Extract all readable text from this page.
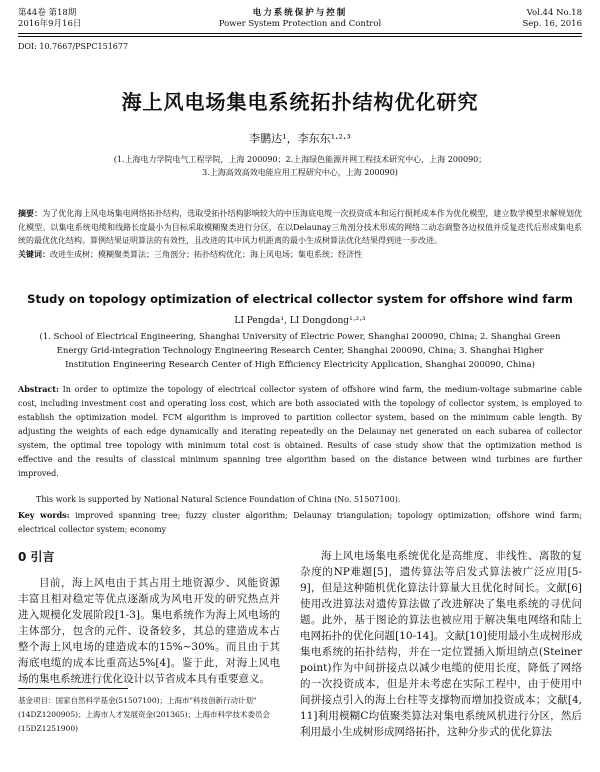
第44卷 第18期
2016年9月16日
电力系统保护与控制
Power System Protection and Control
Vol.44 No.18
Sep. 16, 2016
DOI: 10.7667/PSPC151677
海上风电场集电系统拓扑结构优化研究
李鹏达¹，李东东¹·²·³
(1.上海电力学院电气工程学院，上海 200090；2.上海绿色能源并网工程技术研究中心，上海 200090；
3.上海高效高效电能应用工程研究中心，上海 200090)
摘要：为了优化海上风电场集电网络拓扑结构，选取受拓扑结构影响较大的中压海底电缆一次投资成本和运行损耗成本作为优化模型，建立数学模型求解规划优化模型。以集电系统电缆和线路长度最小为目标采取模糊聚类进行分区，在以Delaunay三角剖分技术形成的网络二动态调整各边权值并反复迭代后形成集电系统的最优优化结构。算例结果证明算法的有效性，且改进的其中风力机距离的最小生成树算法优化结果得到进一步改进。
关键词：改进生成树；模糊聚类算法；三角剖分；拓扑结构优化；海上风电场；集电系统；经济性
Study on topology optimization of electrical collector system for offshore wind farm
LI Pengda¹, LI Dongdong¹·²·³
(1. School of Electrical Engineering, Shanghai University of Electric Power, Shanghai 200090, China; 2. Shanghai Green
Energy Grid-integration Technology Engineering Research Center, Shanghai 200090, China; 3. Shanghai Higher
Institution Engineering Research Center of High Efficiency Electricity Application, Shanghai 200090, China)
Abstract: In order to optimize the topology of electrical collector system of offshore wind farm, the medium-voltage submarine cable cost, including investment cost and operating loss cost, which are both associated with the topology of collector system, is employed to establish the optimization model. FCM algorithm is improved to partition collector system, based on the minimum cable length. By adjusting the weights of each edge dynamically and iterating repeatedly on the Delaunay net generated on each subarea of collector system, the optimal tree topology with minimum total cost is obtained. Results of case study show that the optimization method is effective and the results of classical minimum spanning tree algorithm based on the distance between wind turbines are further improved.
This work is supported by National Natural Science Foundation of China (No. 51507100).
Key words: improved spanning tree; fuzzy cluster algorithm; Delaunay triangulation; topology optimization; offshore wind farm; electrical collector system; economy
0 引言
目前，海上风电由于其占用土地资源少、风能资源丰富且相对稳定等优点逐渐成为风电开发的研究热点并进入规模化发展阶段[1-3]。集电系统作为海上风电场的主体部分，包含的元件、设备较多，其总的建造成本占整个海上风电场的建造成本的15%~30%。而且由于其海底电缆的成本比重高达5%[4]。鉴于此，对海上风电场的集电系统进行优化设计以节省成本具有重要意义。
海上风电场集电系统优化是高维度、非线性、离散的复杂度的NP难题[5]，遗传算法等启发式算法被广泛应用[5-9]，但是这种随机优化算法计算量大且优化时间长。文献[6]使用改进算法对遗传算法做了改进解决了集电系统的寻优问题。此外，基于图论的算法也被应用于解决集电网络和陆上电网拓扑的优化问题[10-14]。文献[10]使用最小生成树形成集电系统的拓扑结构，并在一定位置插入斯坦纳点(Steiner point)作为中间拼接点以减少电缆的使用长度，降低了网络的一次投资成本，但是并未考虑在实际工程中，由于使用中间拼接点引入的海上台柱等支撑物而增加投资成本；文献[4, 11]利用模糊C均值聚类算法对集电系统风机进行分区，然后利用最小生成树形成网络拓扑，这种分步式的优化算法
基金项目：国家自然科学基金(51507100)；上海市"科技创新行动计划"(14DZ1200905)；上海市人才发展资金(201365)；上海市科学技术委员会(15DZ1251900)
